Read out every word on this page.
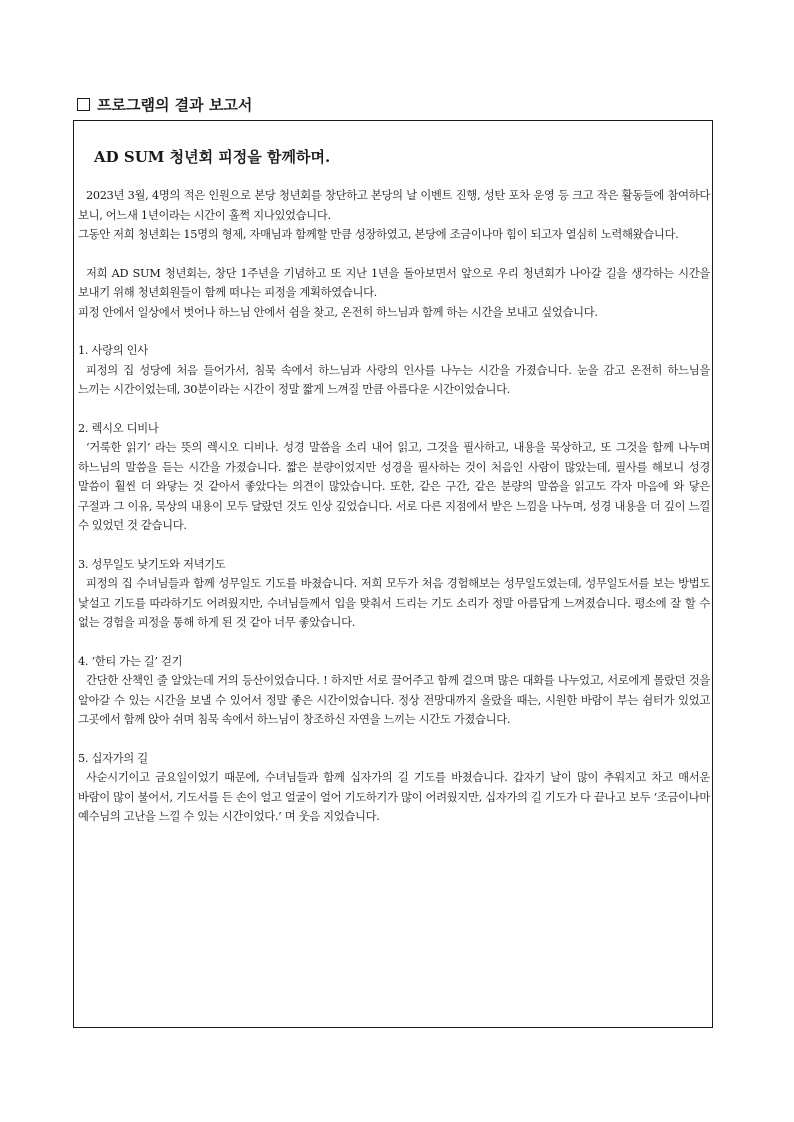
프로그램의 결과 보고서
AD SUM 청년회 피정을 함께하며.

2023년 3월, 4명의 적은 인원으로 본당 청년회를 창단하고 본당의 날 이벤트 진행, 성탄 포차 운영 등 크고 작은 활동들에 참여하다 보니, 어느새 1년이라는 시간이 훌쩍 지나있었습니다.

그동안 저희 청년회는 15명의 형제, 자매님과 함께할 만큼 성장하였고, 본당에 조금이나마 힘이 되고자 열심히 노력해왔습니다.

저희 AD SUM 청년회는, 창단 1주년을 기념하고 또 지난 1년을 돌아보면서 앞으로 우리 청년회가 나아갈 길을 생각하는 시간을 보내기 위해 청년회원들이 함께 떠나는 피정을 계획하였습니다.

피정 안에서 일상에서 벗어나 하느님 안에서 쉼을 찾고, 온전히 하느님과 함께 하는 시간을 보내고 싶었습니다.

1. 사랑의 인사

피정의 집 성당에 처음 들어가서, 침묵 속에서 하느님과 사랑의 인사를 나누는 시간을 가졌습니다. 눈을 감고 온전히 하느님을 느끼는 시간이었는데, 30분이라는 시간이 정말 짧게 느껴질 만큼 아름다운 시간이었습니다.

2. 렉시오 디비나

‘거룩한 읽기’ 라는 뜻의 렉시오 디비나. 성경 말씀을 소리 내어 읽고, 그것을 필사하고, 내용을 묵상하고, 또 그것을 함께 나누며 하느님의 말씀을 듣는 시간을 가졌습니다. 짧은 분량이었지만 성경을 필사하는 것이 처음인 사람이 많았는데, 필사를 해보니 성경 말씀이 훨씬 더 와닿는 것 같아서 좋았다는 의견이 많았습니다. 또한, 같은 구간, 같은 분량의 말씀을 읽고도 각자 마음에 와 닿은 구절과 그 이유, 묵상의 내용이 모두 달랐던 것도 인상 깊었습니다. 서로 다른 지점에서 받은 느낌을 나누며, 성경 내용을 더 깊이 느낄 수 있었던 것 같습니다.

3. 성무일도 낮기도와 저녁기도

피정의 집 수녀님들과 함께 성무일도 기도를 바쳤습니다. 저희 모두가 처음 경험해보는 성무일도였는데, 성무일도서를 보는 방법도 낯설고 기도를 따라하기도 어려웠지만, 수녀님들께서 입을 맞춰서 드리는 기도 소리가 정말 아름답게 느껴졌습니다. 평소에 잘 할 수 없는 경험을 피정을 통해 하게 된 것 같아 너무 좋았습니다.

4. ‘한티 가는 길’ 걷기

간단한 산책인 줄 알았는데 거의 등산이었습니다. ! 하지만 서로 끌어주고 함께 걸으며 많은 대화를 나누었고, 서로에게 몰랐던 것을 알아갈 수 있는 시간을 보낼 수 있어서 정말 좋은 시간이었습니다. 정상 전망대까지 올랐을 때는, 시원한 바람이 부는 쉼터가 있었고 그곳에서 함께 앉아 쉬며 침묵 속에서 하느님이 창조하신 자연을 느끼는 시간도 가졌습니다.

5. 십자가의 길

사순시기이고 금요일이었기 때문에, 수녀님들과 함께 십자가의 길 기도를 바쳤습니다. 갑자기 날이 많이 추워지고 차고 매서운 바람이 많이 불어서, 기도서를 든 손이 얼고 얼굴이 얼어 기도하기가 많이 어려웠지만, 십자가의 길 기도가 다 끝나고 보두 ‘조금이나마 예수님의 고난을 느낄 수 있는 시간이었다.’ 며 웃음 지었습니다.
